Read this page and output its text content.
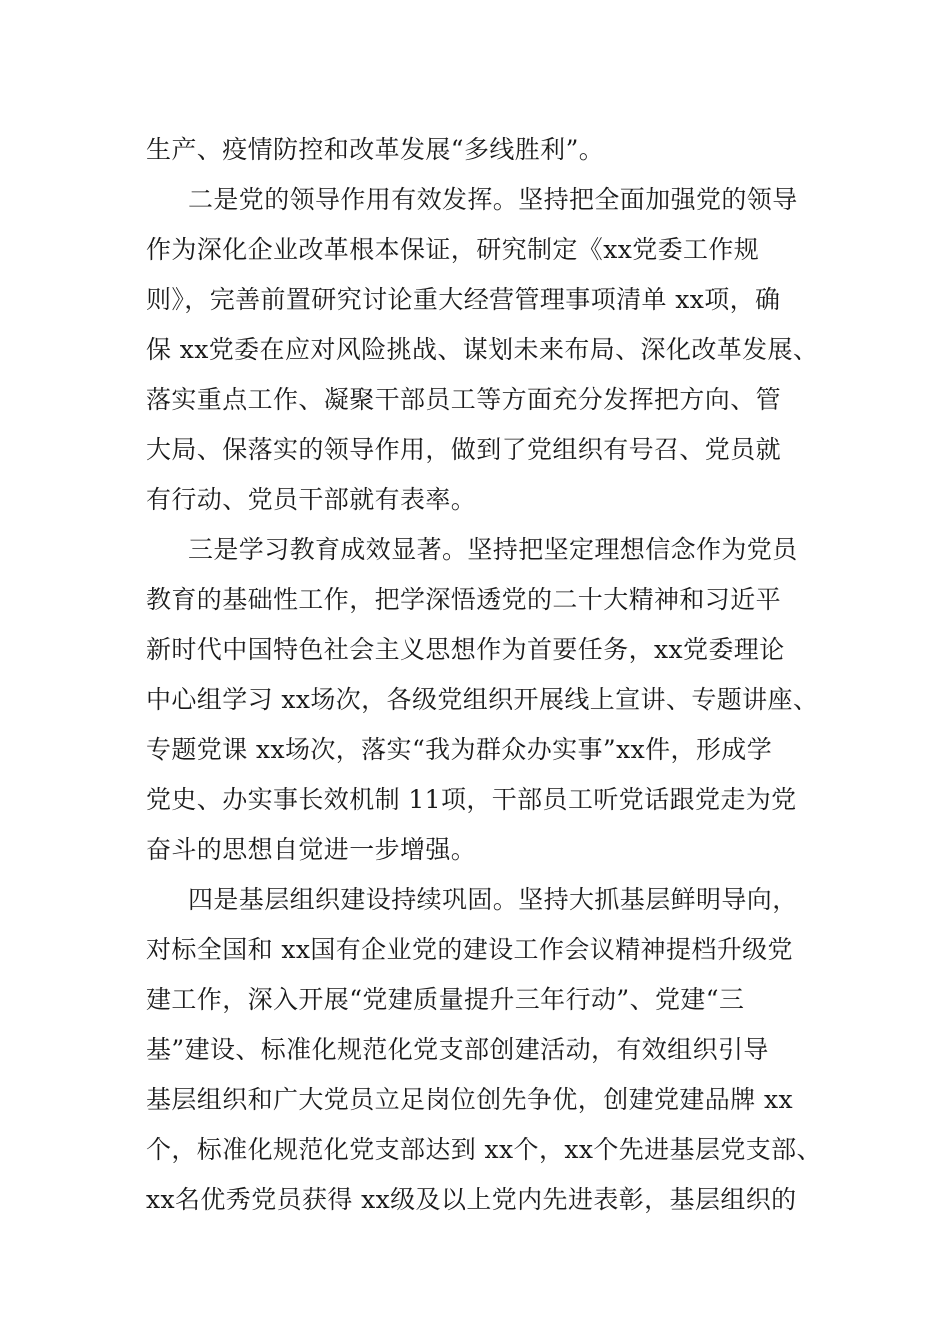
生产、疫情防控和改革发展“多线胜利”。
二是党的领导作用有效发挥。坚持把全面加强党的领导
作为深化企业改革根本保证，研究制定《xx党委工作规
则》，完善前置研究讨论重大经营管理事项清单 xx项，确
保 xx党委在应对风险挑战、谋划未来布局、深化改革发展、
落实重点工作、凝聚干部员工等方面充分发挥把方向、管
大局、保落实的领导作用，做到了党组织有号召、党员就
有行动、党员干部就有表率。
三是学习教育成效显著。坚持把坚定理想信念作为党员
教育的基础性工作，把学深悟透党的二十大精神和习近平
新时代中国特色社会主义思想作为首要任务，xx党委理论
中心组学习 xx场次，各级党组织开展线上宣讲、专题讲座、
专题党课 xx场次，落实“我为群众办实事”xx件，形成学
党史、办实事长效机制 11项，干部员工听党话跟党走为党
奋斗的思想自觉进一步增强。
四是基层组织建设持续巩固。坚持大抓基层鲜明导向，
对标全国和 xx国有企业党的建设工作会议精神提档升级党
建工作，深入开展“党建质量提升三年行动”、党建“三
基”建设、标准化规范化党支部创建活动，有效组织引导
基层组织和广大党员立足岗位创先争优，创建党建品牌 xx
个，标准化规范化党支部达到 xx个，xx个先进基层党支部、
xx名优秀党员获得 xx级及以上党内先进表彰，基层组织的
